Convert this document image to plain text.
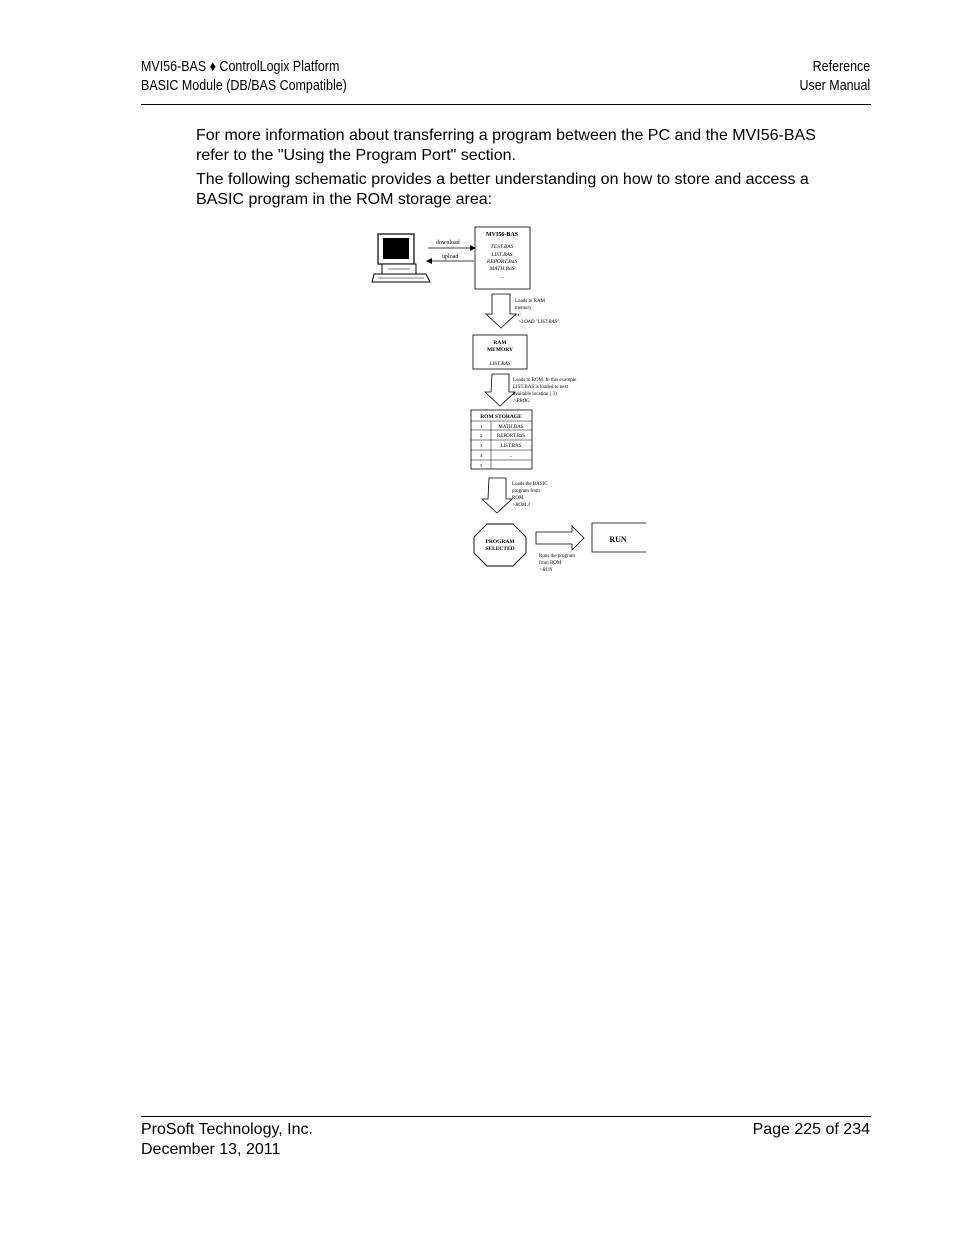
MVI56-BAS ♦ ControlLogix Platform
BASIC Module (DB/BAS Compatible)
Reference
User Manual

For more information about transferring a program between the PC and the MVI56-BAS refer to the "Using the Program Port" section.

The following schematic provides a better understanding on how to store and access a BASIC program in the ROM storage area:

download
upload
MVI56-BAS
TEST.BAS
LIST.BAS
REPORT.BaS
MATH.BaS
...
Loads to RAM
memory
ex:
>LOAD "LIST.BAS"
RAM
MEMORY
LIST.BAS
Loads to ROM. In this example
LIST.BAS is loaded to next
available location ( 3)
>PROG
ROM STORAGE
1	MATH.BAS
2	REPORT.BaS
3	LIST.BAS
4	..
5
Loads the BASIC
program from
ROM
>ROM 3
PROGRAM
SELECTED
RUN
Runs the program
from ROM
>RUN
ProSoft Technology, Inc.
December 13, 2011
Page 225 of 234
